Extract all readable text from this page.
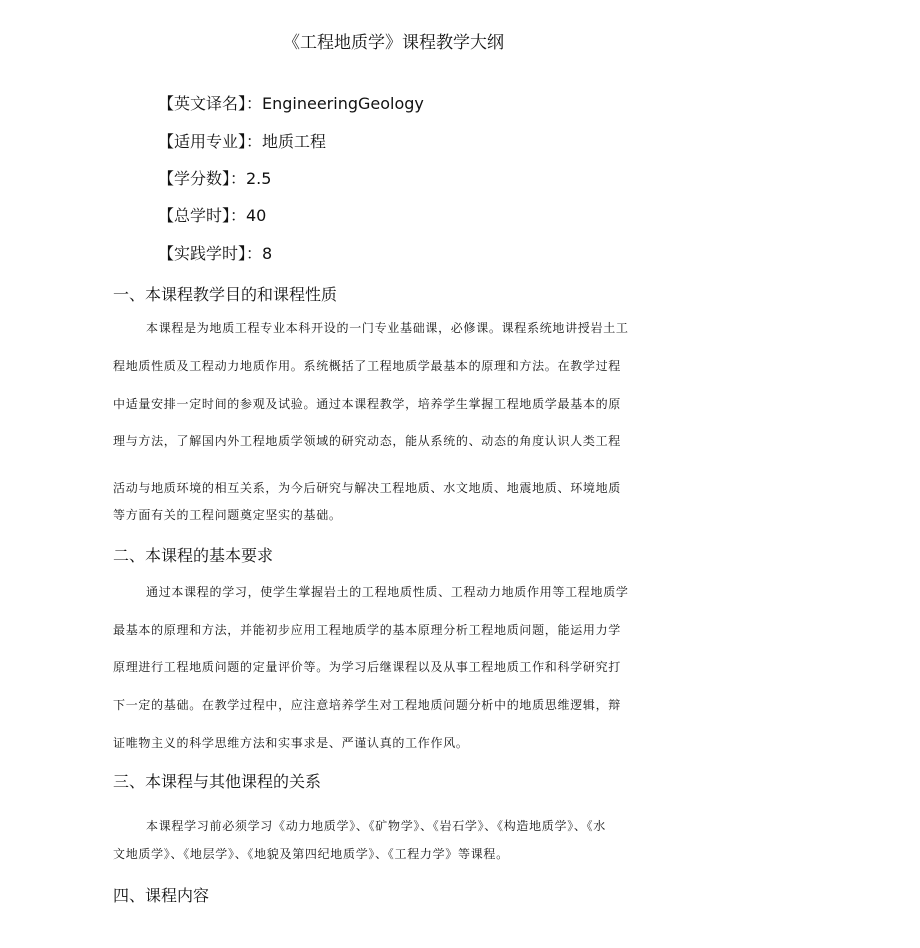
《工程地质学》课程教学大纲
【英文译名】：EngineeringGeology
【适用专业】：地质工程
【学分数】：2.5
【总学时】：40
【实践学时】：8
一、本课程教学目的和课程性质
本课程是为地质工程专业本科开设的一门专业基础课，必修课。课程系统地讲授岩土工
程地质性质及工程动力地质作用。系统概括了工程地质学最基本的原理和方法。在教学过程
中适量安排一定时间的参观及试验。通过本课程教学，培养学生掌握工程地质学最基本的原
理与方法，了解国内外工程地质学领域的研究动态，能从系统的、动态的角度认识人类工程
活动与地质环境的相互关系，为今后研究与解决工程地质、水文地质、地震地质、环境地质
等方面有关的工程问题奠定坚实的基础。
二、本课程的基本要求
通过本课程的学习，使学生掌握岩土的工程地质性质、工程动力地质作用等工程地质学
最基本的原理和方法，并能初步应用工程地质学的基本原理分析工程地质问题，能运用力学
原理进行工程地质问题的定量评价等。为学习后继课程以及从事工程地质工作和科学研究打
下一定的基础。在教学过程中，应注意培养学生对工程地质问题分析中的地质思维逻辑，辩
证唯物主义的科学思维方法和实事求是、严谨认真的工作作风。
三、本课程与其他课程的关系
本课程学习前必须学习《动力地质学》、《矿物学》、《岩石学》、《构造地质学》、《水
文地质学》、《地层学》、《地貌及第四纪地质学》、《工程力学》等课程。
四、课程内容
